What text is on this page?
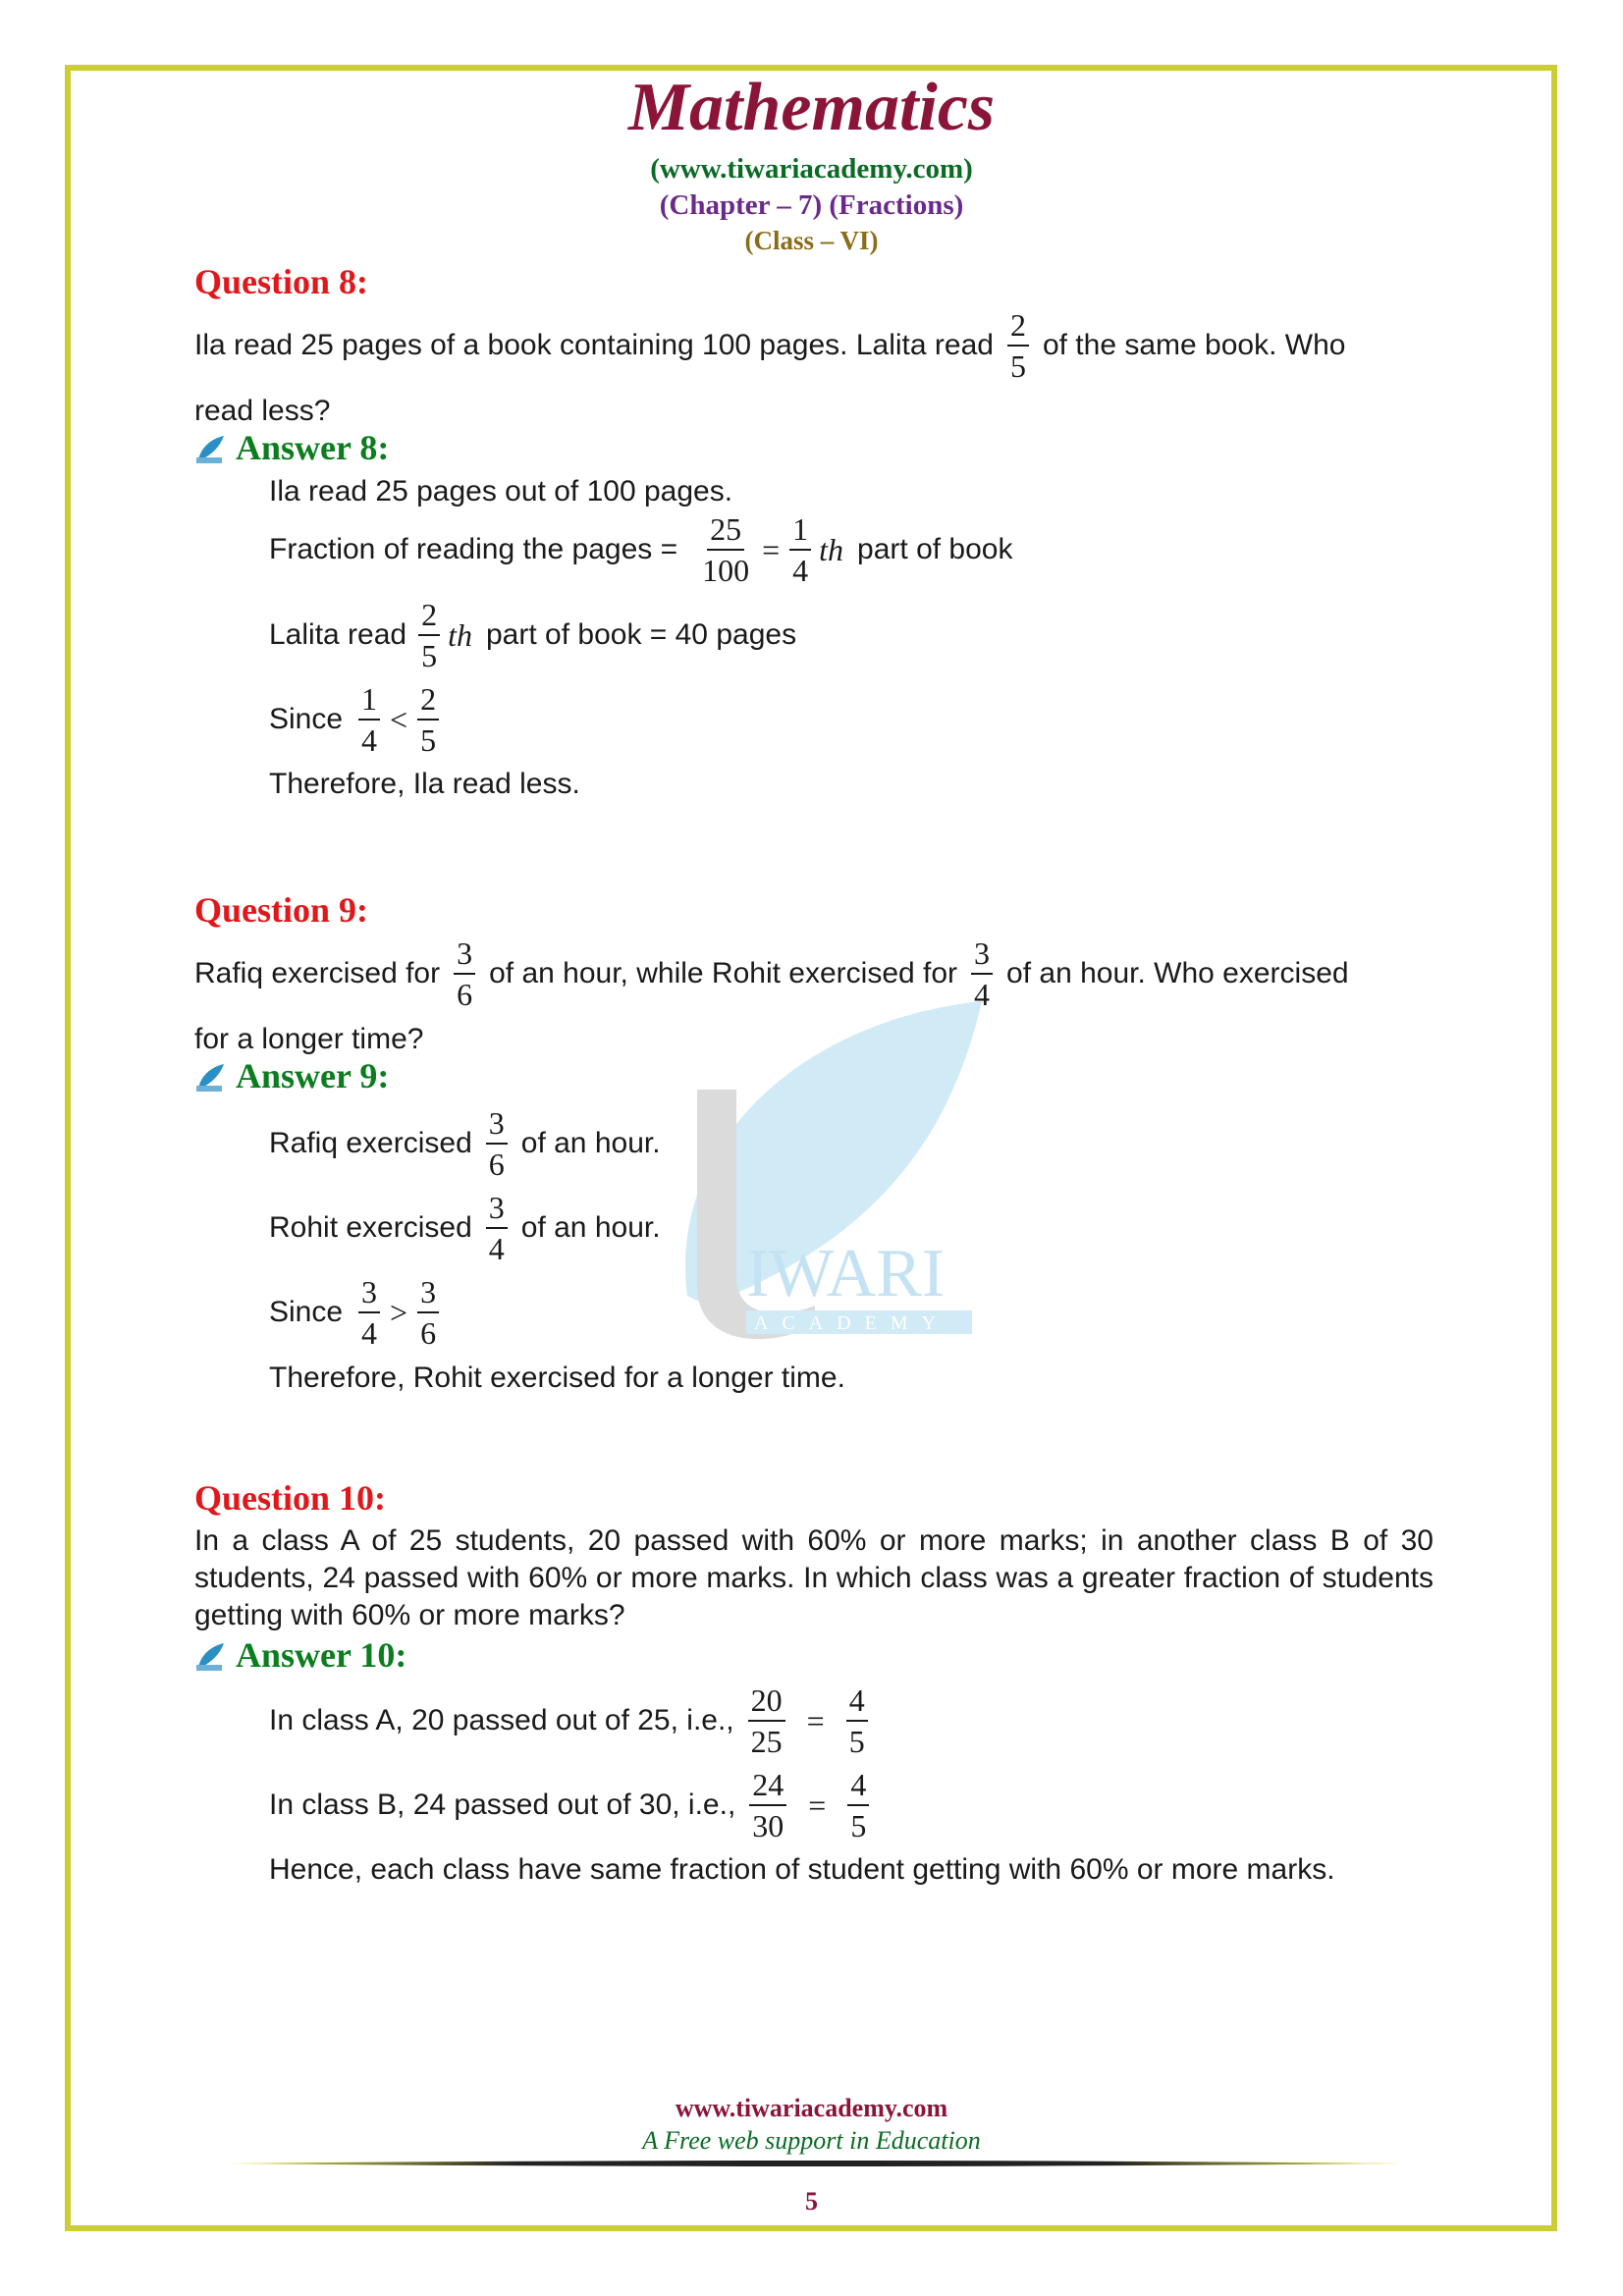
IWARI
ACADEMY
Mathematics
(www.tiwariacademy.com)
(Chapter – 7) (Fractions)
(Class – VI)
Question 8:
Ila read 25 pages of a book containing 100 pages. Lalita read $\frac{2}{5}$ of the same book. Who
read less?
Answer 8:
Ila read 25 pages out of 100 pages.
Fraction of reading the pages = $\frac{25}{100} = \frac{1}{4}$ th part of book
Lalita read $\frac{2}{5}$ th part of book = 40 pages
Since $\frac{1}{4} < \frac{2}{5}$
Therefore, Ila read less.
Question 9:
Rafiq exercised for $\frac{3}{6}$ of an hour, while Rohit exercised for $\frac{3}{4}$ of an hour. Who exercised
for a longer time?
Answer 9:
Rafiq exercised $\frac{3}{6}$ of an hour.
Rohit exercised $\frac{3}{4}$ of an hour.
Since $\frac{3}{4} > \frac{3}{6}$
Therefore, Rohit exercised for a longer time.
Question 10:
In a class A of 25 students, 20 passed with 60% or more marks; in another class B of 30 students, 24 passed with 60% or more marks. In which class was a greater fraction of students getting with 60% or more marks?
Answer 10:
In class A, 20 passed out of 25, i.e., $\frac{20}{25} = \frac{4}{5}$
In class B, 24 passed out of 30, i.e., $\frac{24}{30} = \frac{4}{5}$
Hence, each class have same fraction of student getting with 60% or more marks.
www.tiwariacademy.com
A Free web support in Education
5
